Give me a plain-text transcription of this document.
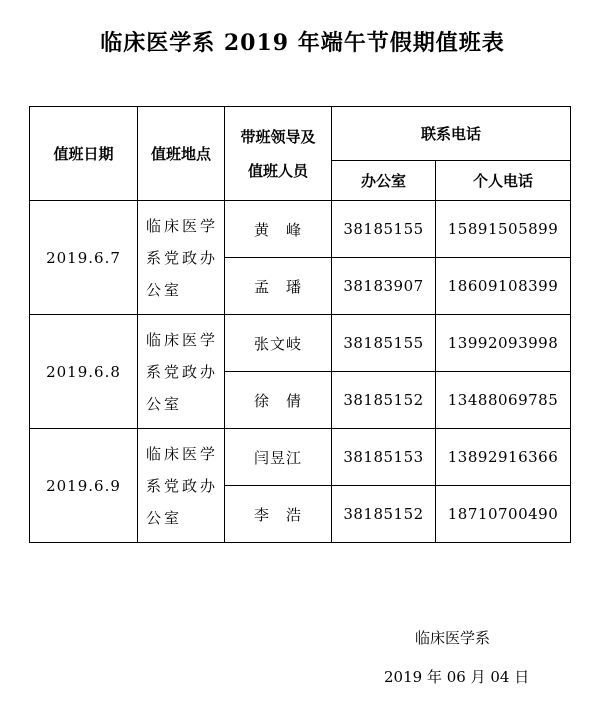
临床医学系 2019 年端午节假期值班表
值班日期	值班地点	带班领导及
值班人员	联系电话	
			办公室	个人电话
2019.6.7	临床医学
系党政办
公室	黄　峰	38185155	15891505899
		孟　璠	38183907	18609108399
2019.6.8	临床医学
系党政办
公室	张文岐	38185155	13992093998
		徐　倩	38185152	13488069785
2019.6.9	临床医学
系党政办
公室	闫昱江	38185153	13892916366
		李　浩	38185152	18710700490
临床医学系
2019 年 06 月 04 日
